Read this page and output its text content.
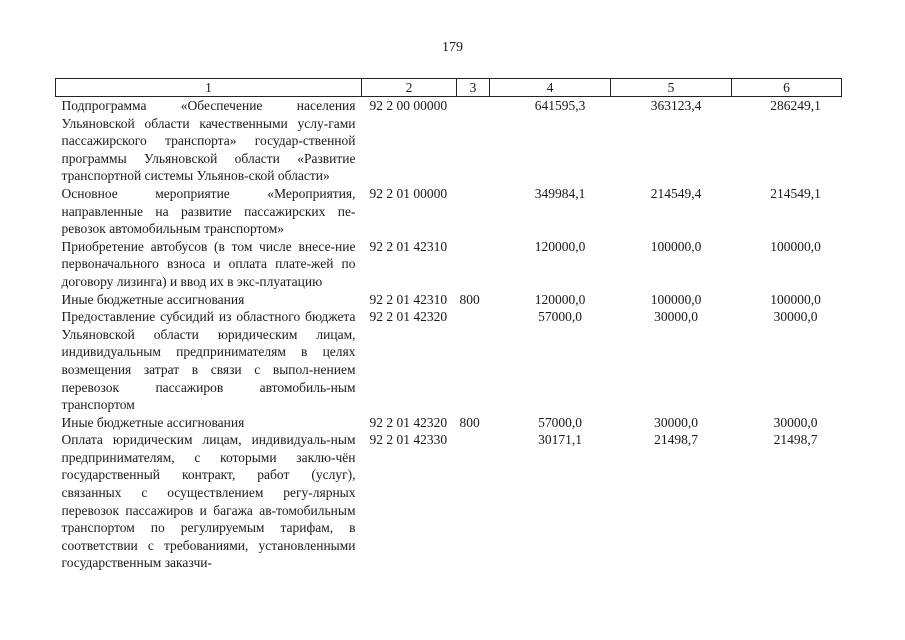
179
1	2	3	4	5	6
Подпрограмма «Обеспечение населения Ульяновской области качественными услу-гами пассажирского транспорта» государ-ственной программы Ульяновской области «Развитие транспортной системы Ульянов-ской области»	92 2 00 00000		641595,3	363123,4	286249,1
Основное мероприятие «Мероприятия, направленные на развитие пассажирских пе-ревозок автомобильным транспортом»	92 2 01 00000		349984,1	214549,4	214549,1
Приобретение автобусов (в том числе внесе-ние первоначального взноса и оплата плате-жей по договору лизинга) и ввод их в экс-плуатацию	92 2 01 42310		120000,0	100000,0	100000,0
Иные бюджетные ассигнования	92 2 01 42310	800	120000,0	100000,0	100000,0
Предоставление субсидий из областного бюджета Ульяновской области юридическим лицам, индивидуальным предпринимателям в целях возмещения затрат в связи с выпол-нением перевозок пассажиров автомобиль-ным транспортом	92 2 01 42320		57000,0	30000,0	30000,0
Иные бюджетные ассигнования	92 2 01 42320	800	57000,0	30000,0	30000,0
Оплата юридическим лицам, индивидуаль-ным предпринимателям, с которыми заклю-чён государственный контракт, работ (услуг), связанных с осуществлением регу-лярных перевозок пассажиров и багажа ав-томобильным транспортом по регулируемым тарифам, в соответствии с требованиями, установленными государственным заказчи-	92 2 01 42330		30171,1	21498,7	21498,7
